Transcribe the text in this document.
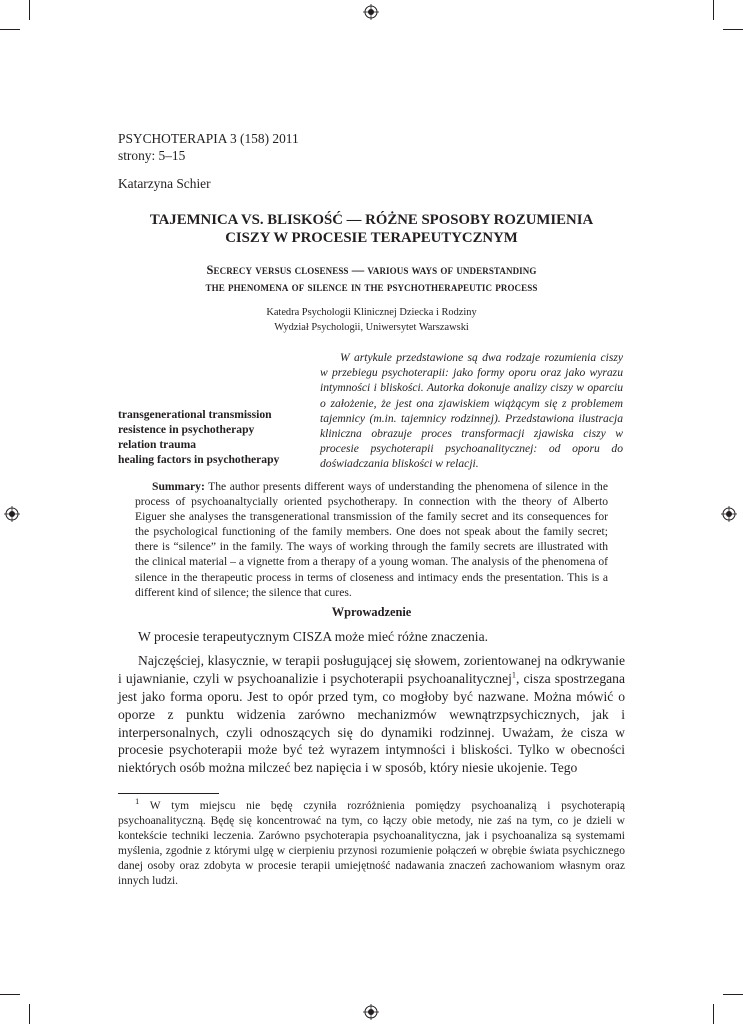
PSYCHOTERAPIA 3 (158) 2011
strony: 5–15
Katarzyna Schier
TAJEMNICA VS. BLISKOŚĆ — RÓŻNE SPOSOBY ROZUMIENIA
CISZY W PROCESIE TERAPEUTYCZNYM
Secrecy versus closeness — various ways of understanding
the phenomena of silence in the psychotherapeutic process
Katedra Psychologii Klinicznej Dziecka i Rodziny
Wydział Psychologii, Uniwersytet Warszawski
transgenerational transmission
resistence in psychotherapy
relation trauma
healing factors in psychotherapy
W artykule przedstawione są dwa rodzaje rozumienia ciszy w przebiegu psychoterapii: jako formy oporu oraz jako wyrazu intymności i bliskości. Autorka dokonuje analizy ciszy w oparciu o założenie, że jest ona zjawiskiem wiążącym się z problemem tajemnicy (m.in. tajemnicy rodzinnej). Przedstawiona ilustracja kliniczna obrazuje proces transformacji zjawiska ciszy w procesie psychoterapii psychoanalitycznej: od oporu do doświadczania bliskości w relacji.
Summary: The author presents different ways of understanding the phenomena of silence in the process of psychoanaltycially oriented psychotherapy. In connection with the theory of Alberto Eiguer she analyses the transgenerational transmission of the family secret and its consequences for the psychological functioning of the family members. One does not speak about the family secret; there is “silence” in the family. The ways of working through the family secrets are illustrated with the clinical material – a vignette from a therapy of a young woman. The analysis of the phenomena of silence in the therapeutic process in terms of closeness and intimacy ends the presentation. This is a different kind of silence; the silence that cures.
Wprowadzenie

W procesie terapeutycznym CISZA może mieć różne znaczenia.

Najczęściej, klasycznie, w terapii posługującej się słowem, zorientowanej na odkrywanie i ujawnianie, czyli w psychoanalizie i psychoterapii psychoanalitycznej$^1$, cisza spostrzegana jest jako forma oporu. Jest to opór przed tym, co mogłoby być nazwane. Można mówić o oporze z punktu widzenia zarówno mechanizmów wewnątrzpsychicznych, jak i interpersonalnych, czyli odnoszących się do dynamiki rodzinnej. Uważam, że cisza w procesie psychoterapii może być też wyrazem intymności i bliskości. Tylko w obecności niektórych osób można milczeć bez napięcia i w sposób, który niesie ukojenie. Tego

$^1$ W tym miejscu nie będę czyniła rozróżnienia pomiędzy psychoanalizą i psychoterapią psychoanalityczną. Będę się koncentrować na tym, co łączy obie metody, nie zaś na tym, co je dzieli w kontekście techniki leczenia. Zarówno psychoterapia psychoanalityczna, jak i psychoanaliza są systemami myślenia, zgodnie z którymi ulgę w cierpieniu przynosi rozumienie połączeń w obrębie świata psychicznego danej osoby oraz zdobyta w procesie terapii umiejętność nadawania znaczeń zachowaniom własnym oraz innych ludzi.
